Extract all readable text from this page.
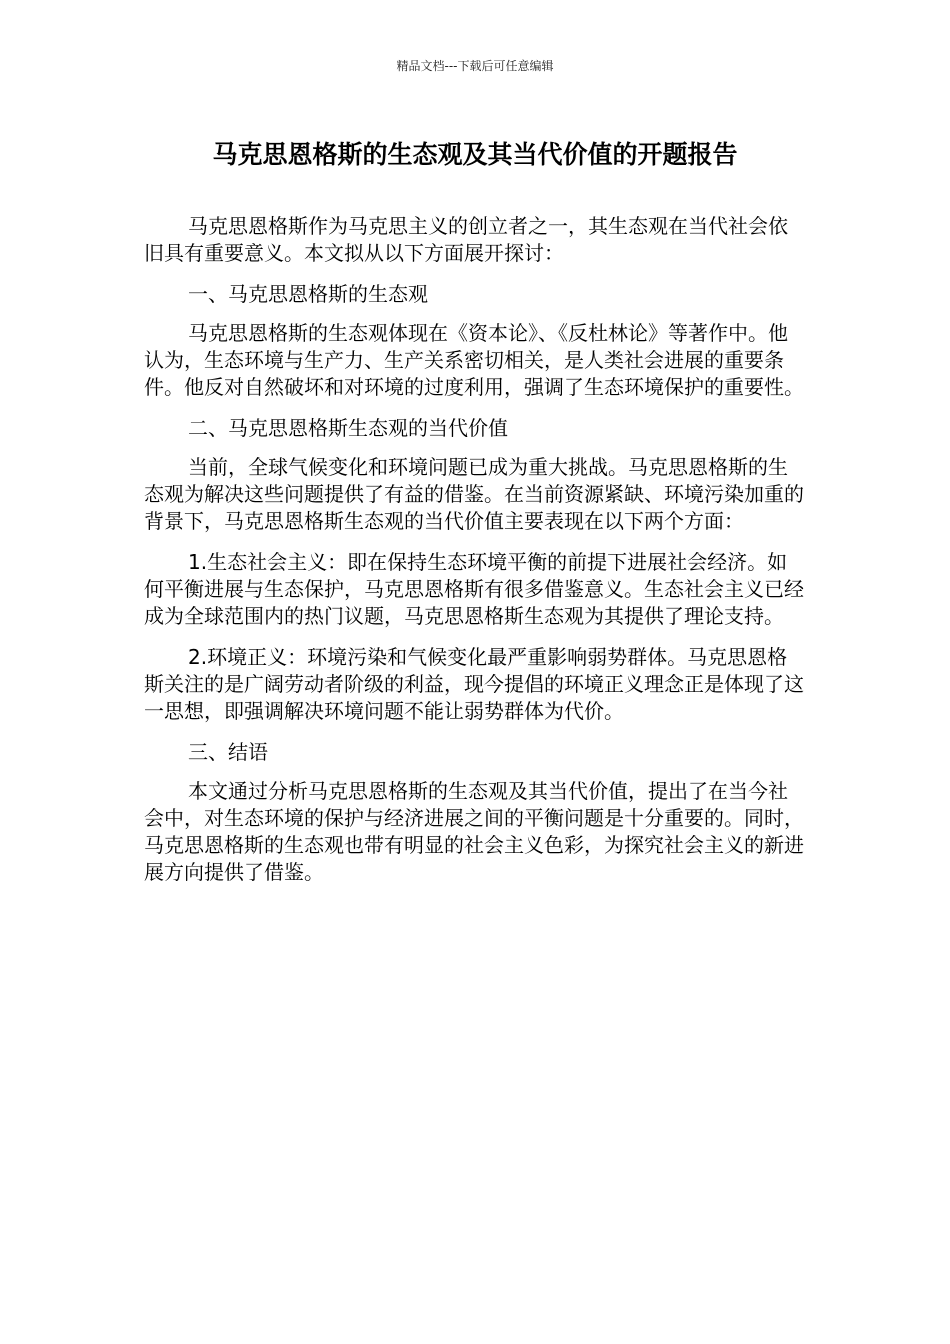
精品文档---下载后可任意编辑
马克思恩格斯的生态观及其当代价值的开题报告

马克思恩格斯作为马克思主义的创立者之一，其生态观在当代社会依旧具有重要意义。本文拟从以下方面展开探讨：

一、马克思恩格斯的生态观

马克思恩格斯的生态观体现在《资本论》、《反杜林论》等著作中。他认为，生态环境与生产力、生产关系密切相关，是人类社会进展的重要条件。他反对自然破坏和对环境的过度利用，强调了生态环境保护的重要性。

二、马克思恩格斯生态观的当代价值

当前，全球气候变化和环境问题已成为重大挑战。马克思恩格斯的生态观为解决这些问题提供了有益的借鉴。在当前资源紧缺、环境污染加重的背景下，马克思恩格斯生态观的当代价值主要表现在以下两个方面：

1.生态社会主义：即在保持生态环境平衡的前提下进展社会经济。如何平衡进展与生态保护，马克思恩格斯有很多借鉴意义。生态社会主义已经成为全球范围内的热门议题，马克思恩格斯生态观为其提供了理论支持。

2.环境正义：环境污染和气候变化最严重影响弱势群体。马克思恩格斯关注的是广阔劳动者阶级的利益，现今提倡的环境正义理念正是体现了这一思想，即强调解决环境问题不能让弱势群体为代价。

三、结语

本文通过分析马克思恩格斯的生态观及其当代价值，提出了在当今社会中，对生态环境的保护与经济进展之间的平衡问题是十分重要的。同时，马克思恩格斯的生态观也带有明显的社会主义色彩，为探究社会主义的新进展方向提供了借鉴。
